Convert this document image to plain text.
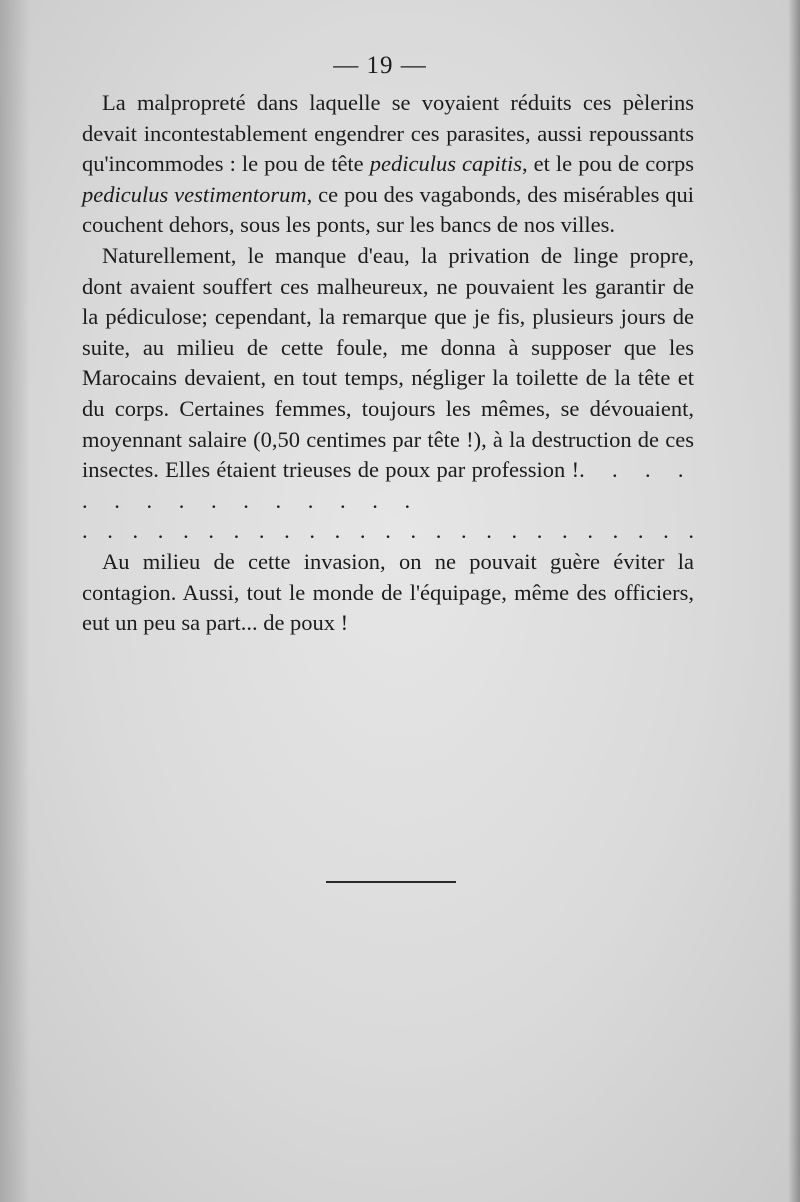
— 19 —

La malpropreté dans laquelle se voyaient réduits ces pèlerins devait incontestablement engendrer ces parasites, aussi repoussants qu'incommodes : le pou de tête pediculus capitis, et le pou de corps pediculus vestimentorum, ce pou des vagabonds, des misérables qui couchent dehors, sous les ponts, sur les bancs de nos villes.

Naturellement, le manque d'eau, la privation de linge propre, dont avaient souffert ces malheureux, ne pouvaient les garantir de la pédiculose; cependant, la remarque que je fis, plusieurs jours de suite, au milieu de cette foule, me donna à supposer que les Marocains devaient, en tout temps, négliger la toilette de la tête et du corps. Certaines femmes, toujours les mêmes, se dévouaient, moyennant salaire (0,50 centimes par tête !), à la destruction de ces insectes. Elles étaient trieuses de poux par profession !. . . . . . . . . . . . . . .

. . . . . . . . . . . . . . . . . . . . . . . . .

Au milieu de cette invasion, on ne pouvait guère éviter la contagion. Aussi, tout le monde de l'équipage, même des officiers, eut un peu sa part... de poux !
